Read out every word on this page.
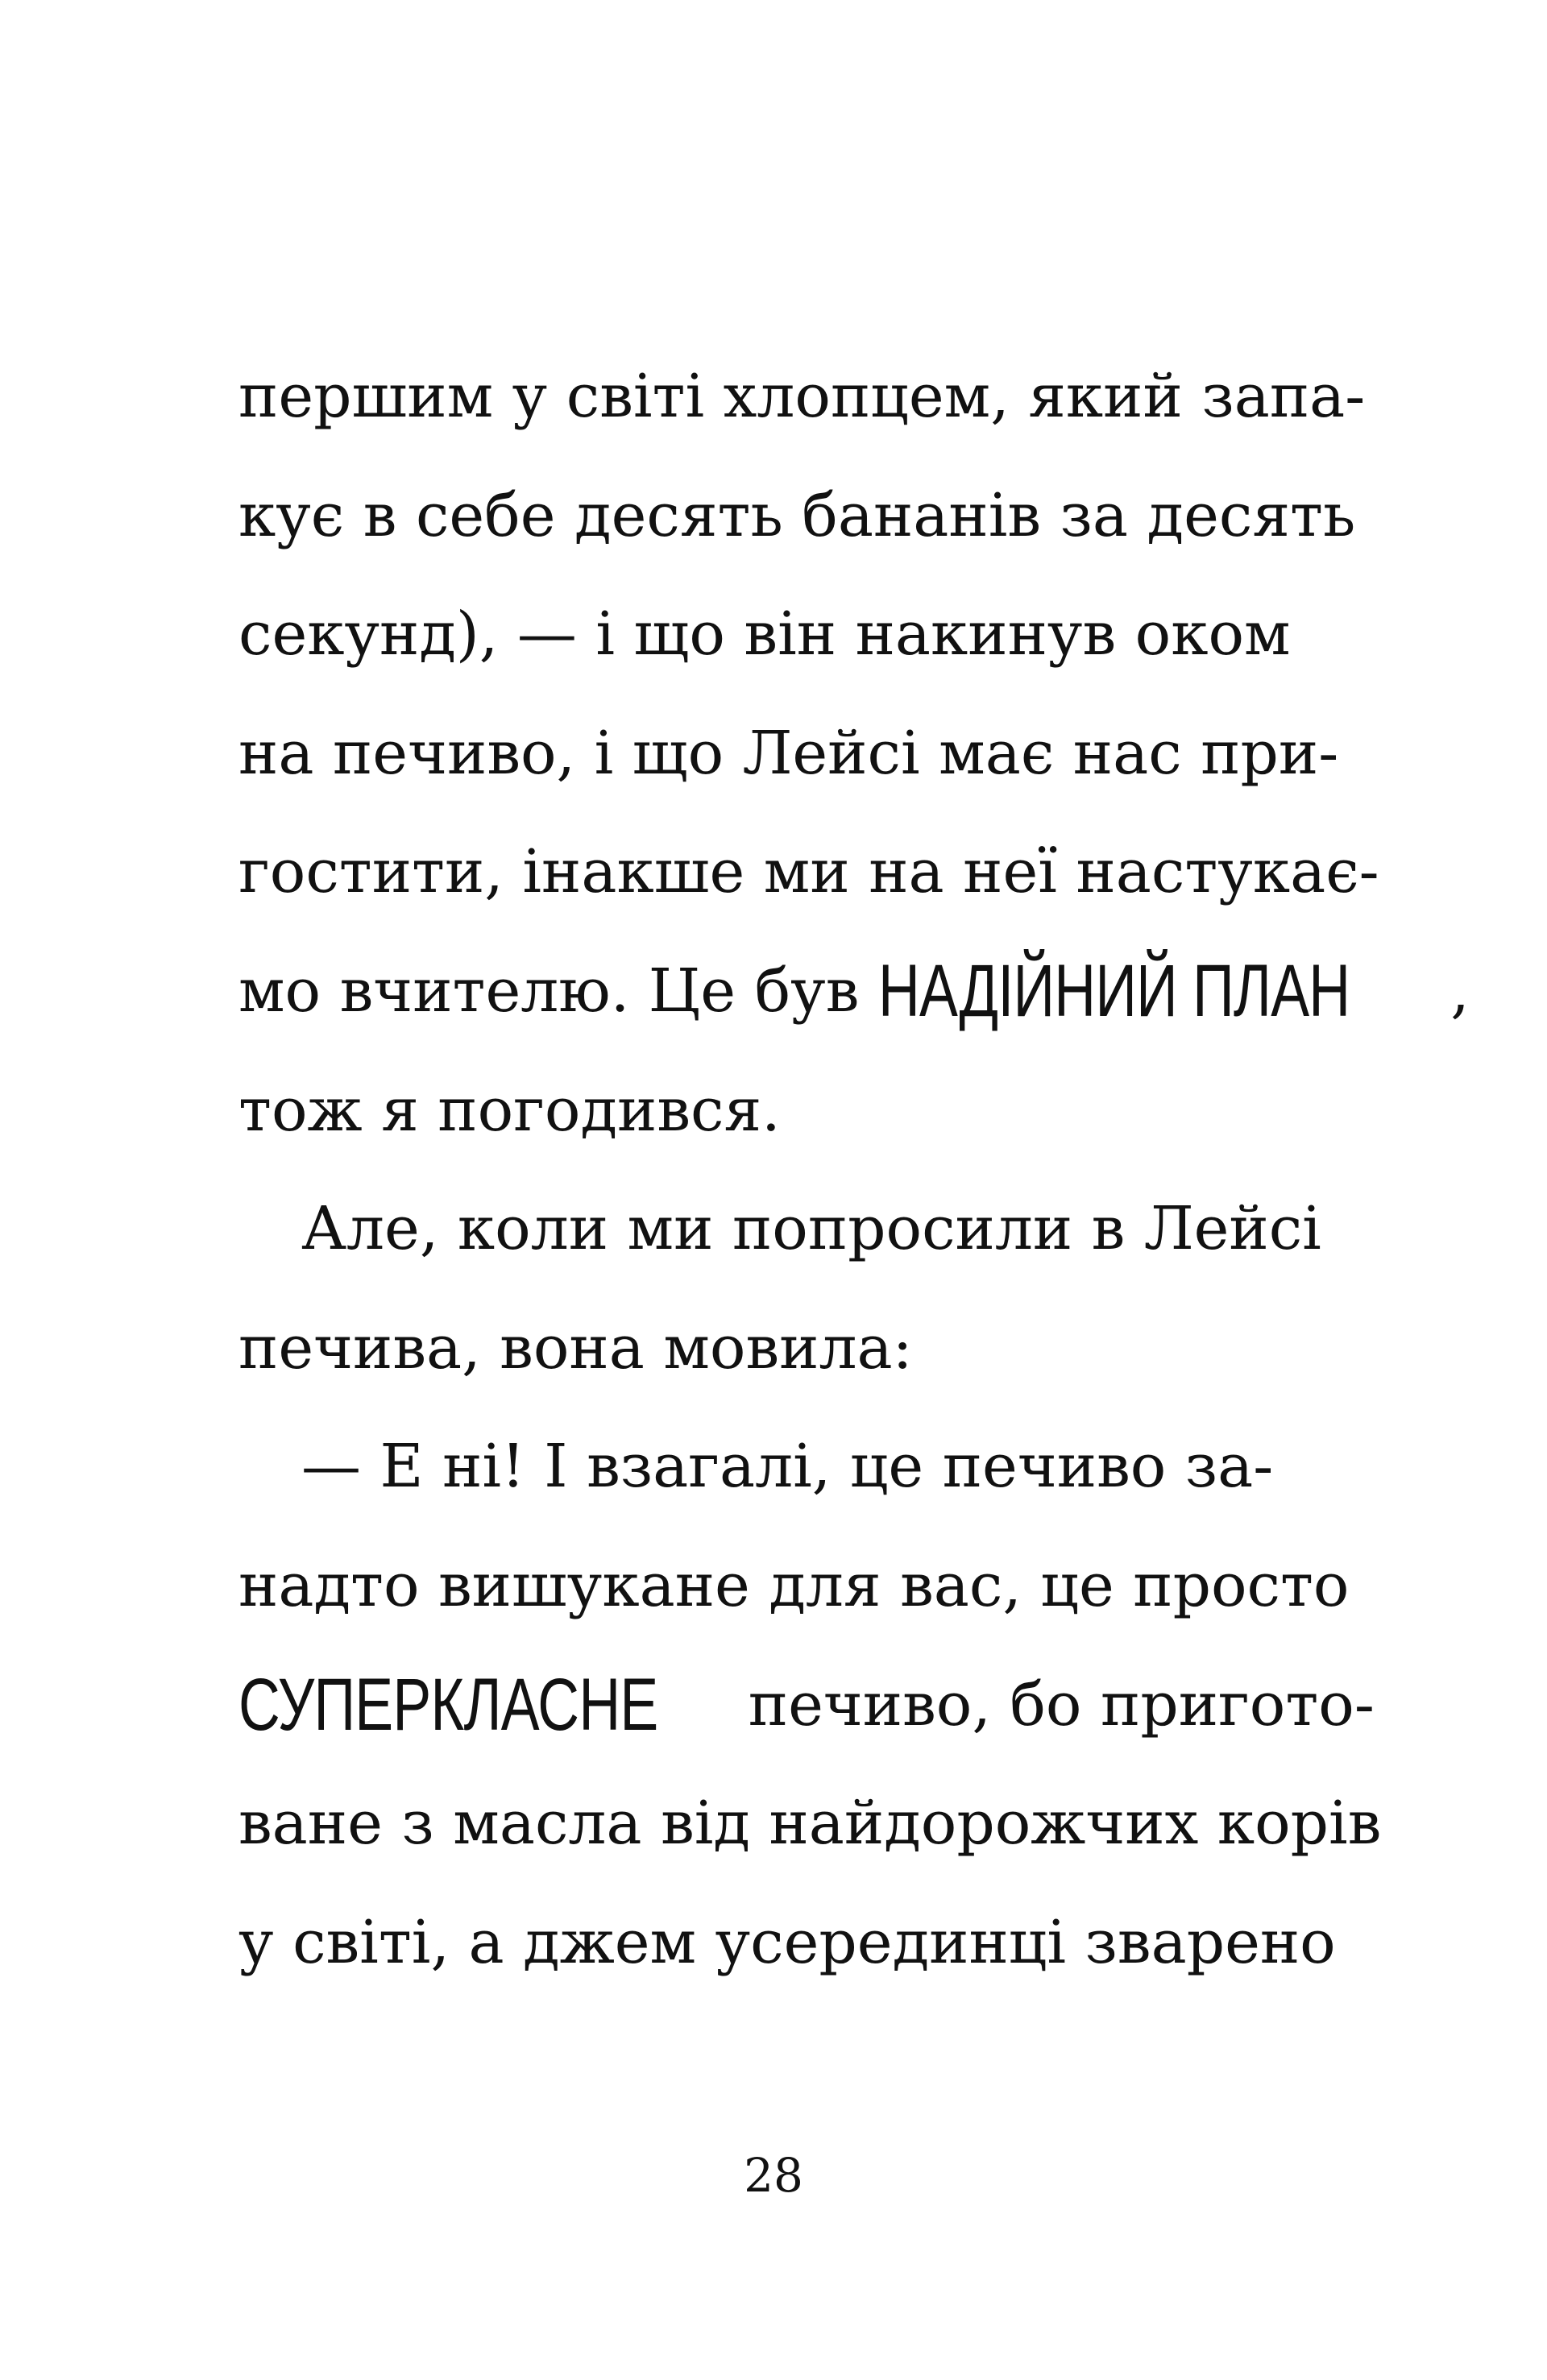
першим у світі хлопцем, який запа-
кує в себе десять бананів за десять
секунд), — і що він накинув оком
на печиво, і що Лейсі має нас при-
гостити, інакше ми на неї настукає-
мо вчителю. Це був НАДІЙНИЙ ПЛАН ,
тож я погодився.
Але, коли ми попросили в Лейсі
печива, вона мовила:
— Е ні! І взагалі, це печиво за-
надто вишукане для вас, це просто
СУПЕРКЛАСНЕ печиво, бо пригото-
ване з масла від найдорожчих корів
у світі, а джем усерединці зварено
28
